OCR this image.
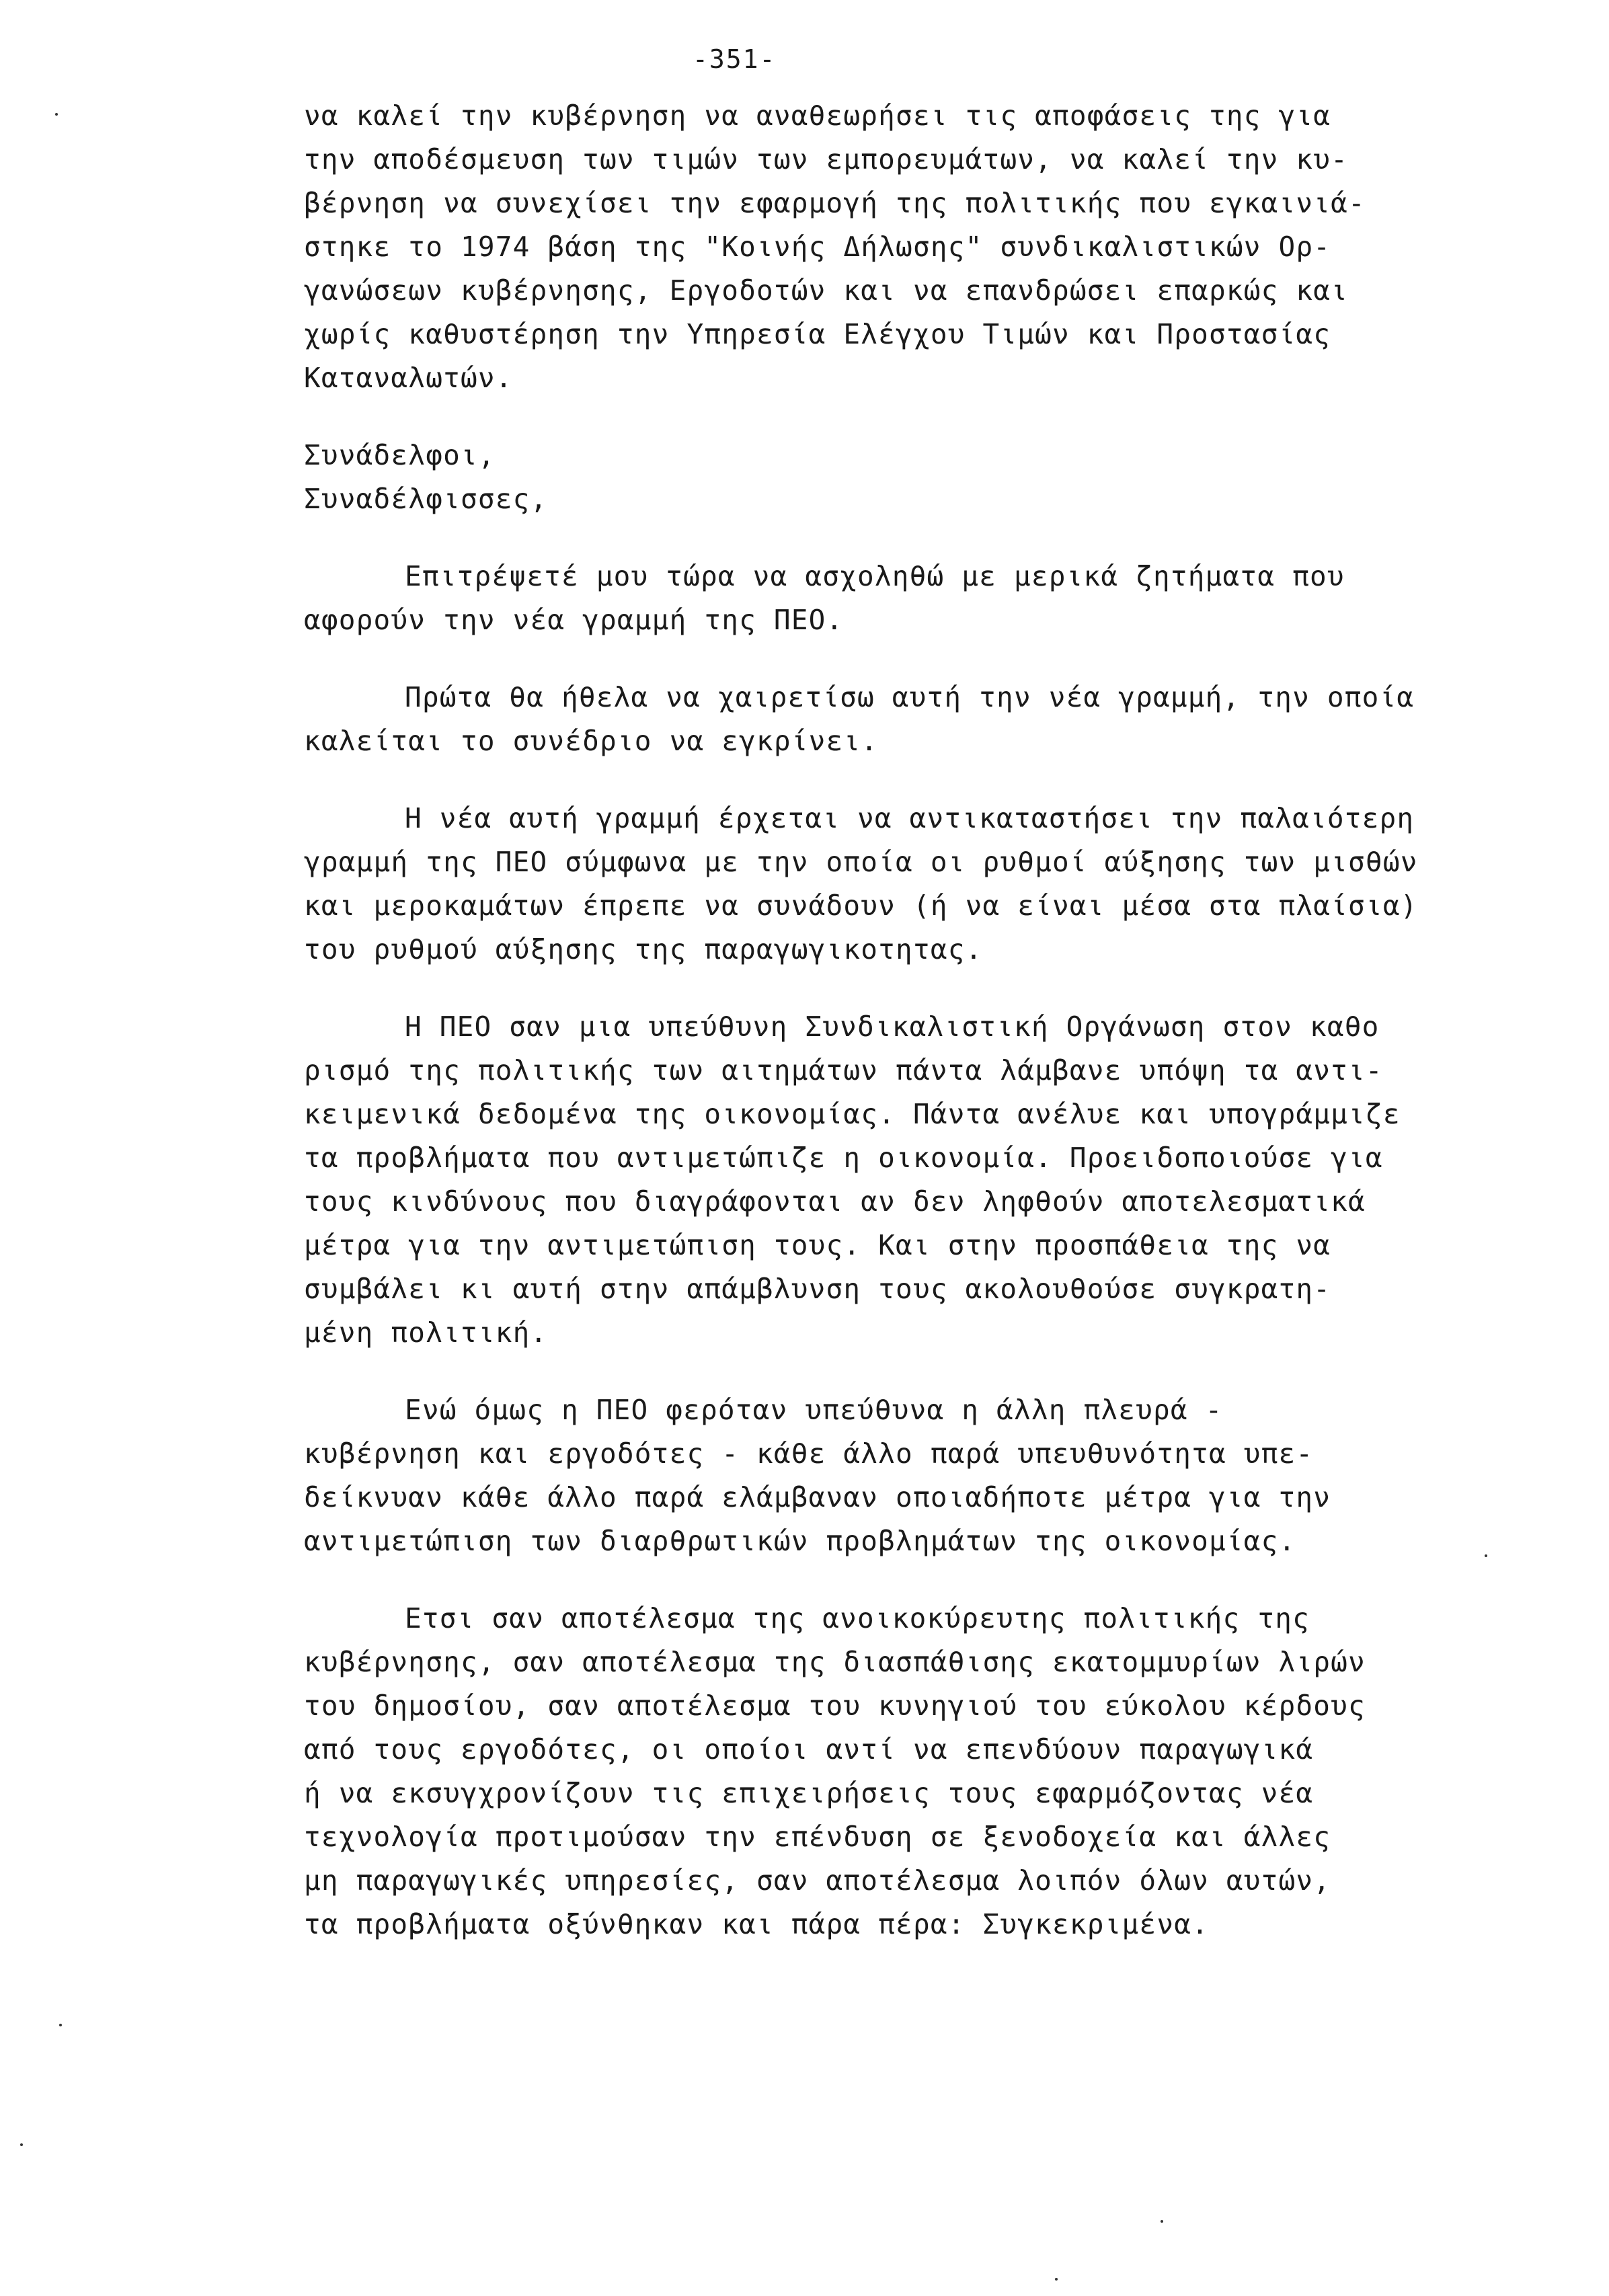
-351-
να καλεί την κυβέρνηση να αναθεωρήσει τις αποφάσεις της για
την αποδέσμευση των τιμών των εμπορευμάτων, να καλεί την κυ-
βέρνηση να συνεχίσει την εφαρμογή της πολιτικής που εγκαινιά-
στηκε το 1974 βάση της "Κοινής Δήλωσης" συνδικαλιστικών Ορ-
γανώσεων κυβέρνησης, Εργοδοτών και να επανδρώσει επαρκώς και
χωρίς καθυστέρηση την Υπηρεσία Ελέγχου Τιμών και Προστασίας
Καταναλωτών.
Συνάδελφοι,
Συναδέλφισσες,
Επιτρέψετέ μου τώρα να ασχοληθώ με μερικά ζητήματα που
αφορούν την νέα γραμμή της ΠΕΟ.
Πρώτα θα ήθελα να χαιρετίσω αυτή την νέα γραμμή, την οποία
καλείται το συνέδριο να εγκρίνει.
Η νέα αυτή γραμμή έρχεται να αντικαταστήσει την παλαιότερη
γραμμή της ΠΕΟ σύμφωνα με την οποία οι ρυθμοί αύξησης των μισθών
και μεροκαμάτων έπρεπε να συνάδουν (ή να είναι μέσα στα πλαίσια)
του ρυθμού αύξησης της παραγωγικοτητας.
Η ΠΕΟ σαν μια υπεύθυνη Συνδικαλιστική Οργάνωση στον καθο
ρισμό της πολιτικής των αιτημάτων πάντα λάμβανε υπόψη τα αντι-
κειμενικά δεδομένα της οικονομίας. Πάντα ανέλυε και υπογράμμιζε
τα προβλήματα που αντιμετώπιζε η οικονομία. Προειδοποιούσε για
τους κινδύνους που διαγράφονται αν δεν ληφθούν αποτελεσματικά
μέτρα για την αντιμετώπιση τους. Και στην προσπάθεια της να
συμβάλει κι αυτή στην απάμβλυνση τους ακολουθούσε συγκρατη-
μένη πολιτική.
Ενώ όμως η ΠΕΟ φερόταν υπεύθυνα η άλλη πλευρά -
κυβέρνηση και εργοδότες - κάθε άλλο παρά υπευθυνότητα υπε-
δείκνυαν κάθε άλλο παρά ελάμβαναν οποιαδήποτε μέτρα για την
αντιμετώπιση των διαρθρωτικών προβλημάτων της οικονομίας.
Ετσι σαν αποτέλεσμα της ανοικοκύρευτης πολιτικής της
κυβέρνησης, σαν αποτέλεσμα της διασπάθισης εκατομμυρίων λιρών
του δημοσίου, σαν αποτέλεσμα του κυνηγιού του εύκολου κέρδους
από τους εργοδότες, οι οποίοι αντί να επενδύουν παραγωγικά
ή να εκσυγχρονίζουν τις επιχειρήσεις τους εφαρμόζοντας νέα
τεχνολογία προτιμούσαν την επένδυση σε ξενοδοχεία και άλλες
μη παραγωγικές υπηρεσίες, σαν αποτέλεσμα λοιπόν όλων αυτών,
τα προβλήματα οξύνθηκαν και πάρα πέρα: Συγκεκριμένα.
